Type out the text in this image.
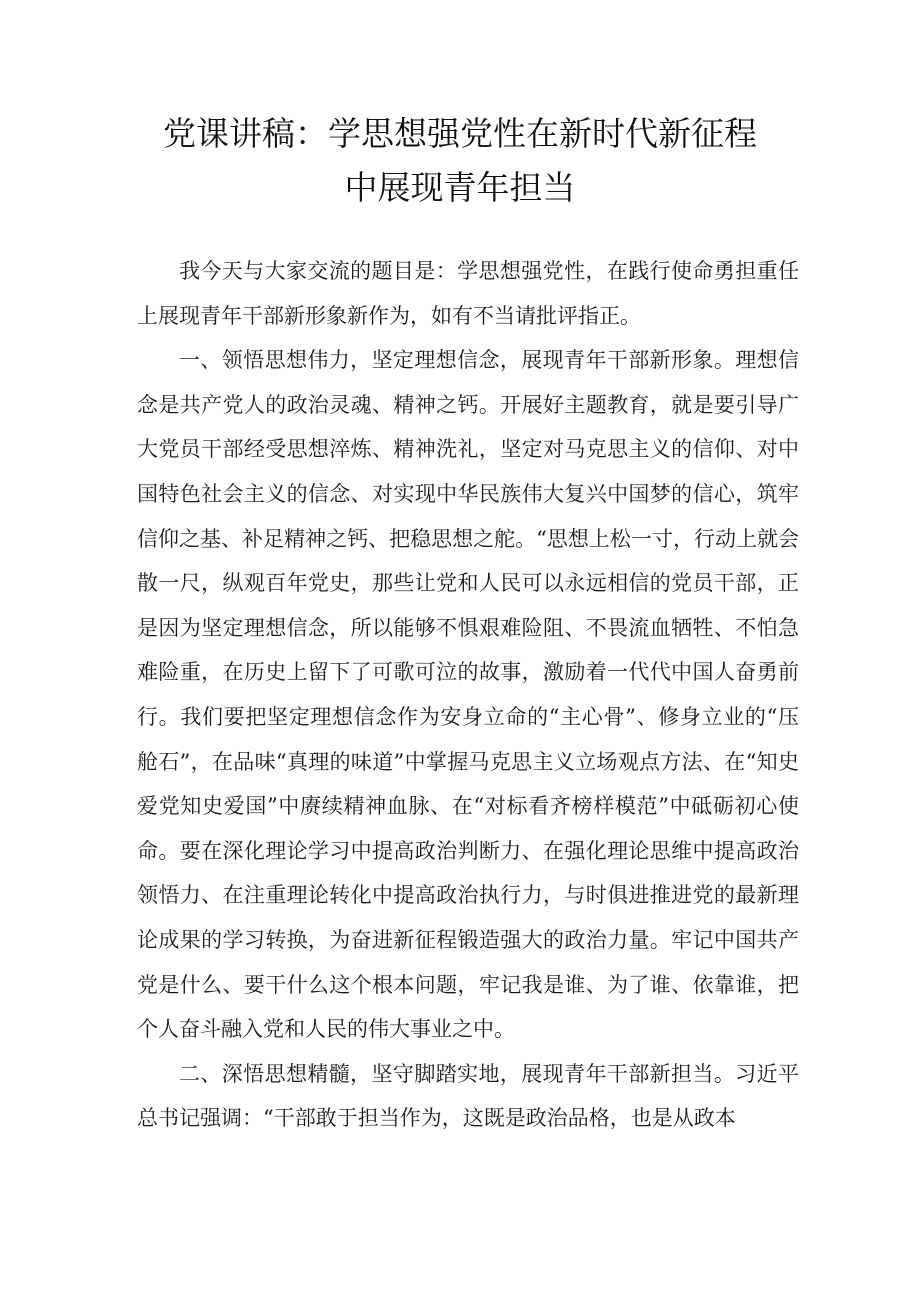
党课讲稿：学思想强党性在新时代新征程
中展现青年担当

我今天与大家交流的题目是：学思想强党性，在践行使命勇担重任上展现青年干部新形象新作为，如有不当请批评指正。

一、领悟思想伟力，坚定理想信念，展现青年干部新形象。理想信念是共产党人的政治灵魂、精神之钙。开展好主题教育，就是要引导广大党员干部经受思想淬炼、精神洗礼，坚定对马克思主义的信仰、对中国特色社会主义的信念、对实现中华民族伟大复兴中国梦的信心，筑牢信仰之基、补足精神之钙、把稳思想之舵。“思想上松一寸，行动上就会散一尺，纵观百年党史，那些让党和人民可以永远相信的党员干部，正是因为坚定理想信念，所以能够不惧艰难险阻、不畏流血牺牲、不怕急难险重，在历史上留下了可歌可泣的故事，激励着一代代中国人奋勇前行。我们要把坚定理想信念作为安身立命的“主心骨”、修身立业的“压舱石”，在品味“真理的味道”中掌握马克思主义立场观点方法、在“知史爱党知史爱国”中赓续精神血脉、在“对标看齐榜样模范”中砥砺初心使命。要在深化理论学习中提高政治判断力、在强化理论思维中提高政治领悟力、在注重理论转化中提高政治执行力，与时俱进推进党的最新理论成果的学习转换，为奋进新征程锻造强大的政治力量。牢记中国共产党是什么、要干什么这个根本问题，牢记我是谁、为了谁、依靠谁，把个人奋斗融入党和人民的伟大事业之中。

二、深悟思想精髓，坚守脚踏实地，展现青年干部新担当。习近平总书记强调：“干部敢于担当作为，这既是政治品格，也是从政本
